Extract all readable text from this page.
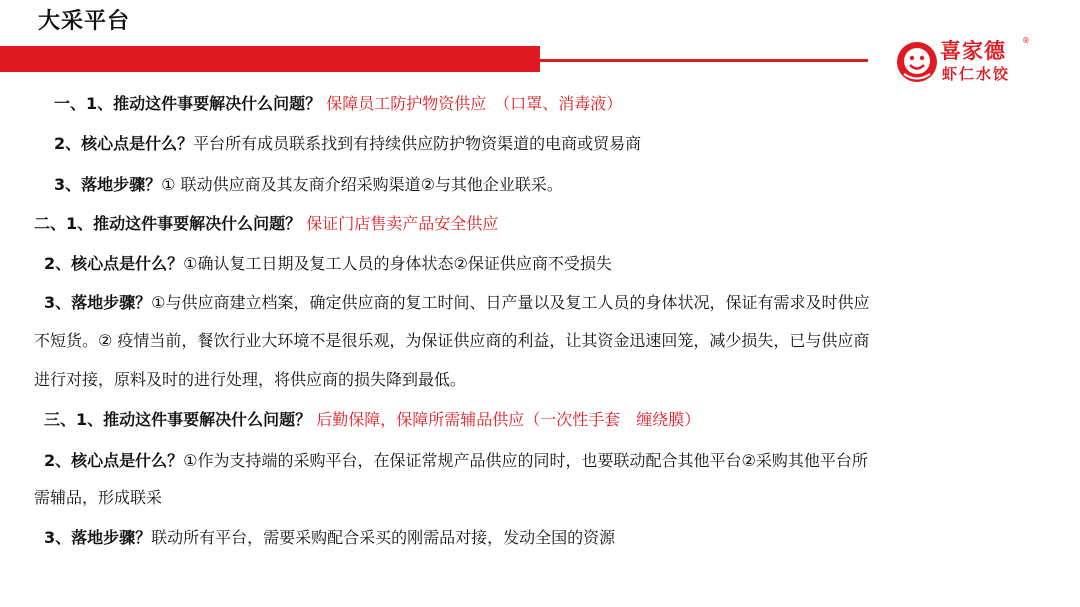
大采平台
喜家德 ®
虾仁水饺
一、1、推动这件事要解决什么问题？ 保障员工防护物资供应　（口罩、消毒液）
2、核心点是什么？平台所有成员联系找到有持续供应防护物资渠道的电商或贸易商
3、落地步骤？① 联动供应商及其友商介绍采购渠道②与其他企业联采。
二、1、推动这件事要解决什么问题？ 保证门店售卖产品安全供应
2、核心点是什么？①确认复工日期及复工人员的身体状态②保证供应商不受损失
3、落地步骤？①与供应商建立档案，确定供应商的复工时间、日产量以及复工人员的身体状况，保证有需求及时供应
不短货。② 疫情当前，餐饮行业大环境不是很乐观，为保证供应商的利益，让其资金迅速回笼，减少损失，已与供应商
进行对接，原料及时的进行处理，将供应商的损失降到最低。
三、1、推动这件事要解决什么问题？ 后勤保障，保障所需辅品供应（一次性手套　缠绕膜）
2、核心点是什么？①作为支持端的采购平台，在保证常规产品供应的同时，也要联动配合其他平台②采购其他平台所
需辅品，形成联采
3、落地步骤？联动所有平台，需要采购配合采买的刚需品对接，发动全国的资源
